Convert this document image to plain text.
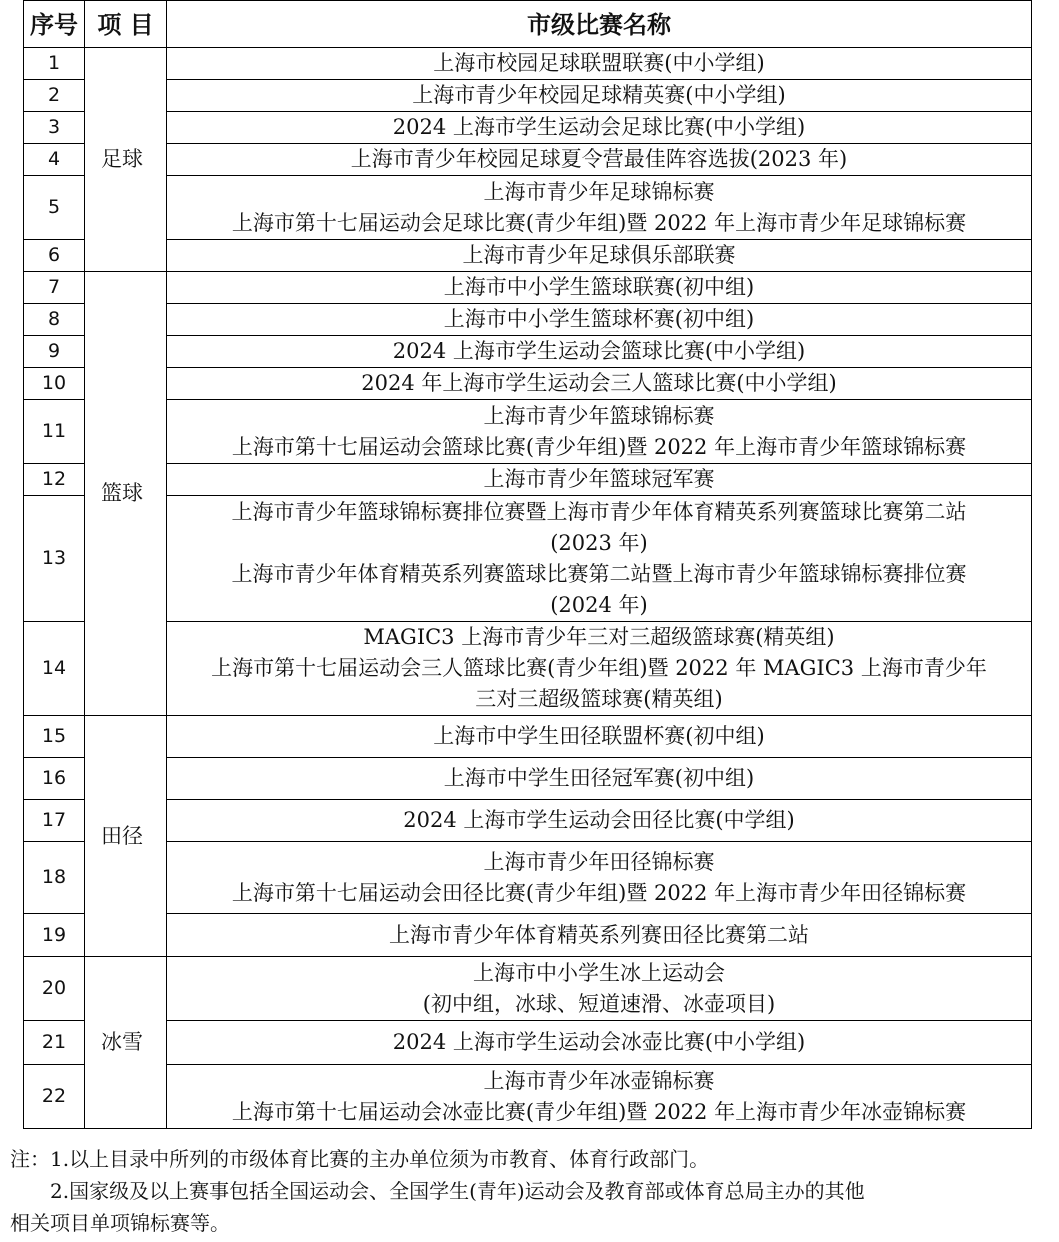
序号	项 目	市级比赛名称
1	足球	上海市校园足球联盟联赛(中小学组)

2		上海市青少年校园足球精英赛(中小学组)

3		2024 上海市学生运动会足球比赛(中小学组)

4		上海市青少年校园足球夏令营最佳阵容选拔(2023 年)

5		上海市青少年足球锦标赛
上海市第十七届运动会足球比赛(青少年组)暨 2022 年上海市青少年足球锦标赛

6		上海市青少年足球俱乐部联赛

7	篮球	上海市中小学生篮球联赛(初中组)

8		上海市中小学生篮球杯赛(初中组)

9		2024 上海市学生运动会篮球比赛(中小学组)

10		2024 年上海市学生运动会三人篮球比赛(中小学组)

11		上海市青少年篮球锦标赛
上海市第十七届运动会篮球比赛(青少年组)暨 2022 年上海市青少年篮球锦标赛

12		上海市青少年篮球冠军赛

13		上海市青少年篮球锦标赛排位赛暨上海市青少年体育精英系列赛篮球比赛第二站
(2023 年)
上海市青少年体育精英系列赛篮球比赛第二站暨上海市青少年篮球锦标赛排位赛
(2024 年)

14		MAGIC3 上海市青少年三对三超级篮球赛(精英组)
上海市第十七届运动会三人篮球比赛(青少年组)暨 2022 年 MAGIC3 上海市青少年
三对三超级篮球赛(精英组)

15	田径	上海市中学生田径联盟杯赛(初中组)

16		上海市中学生田径冠军赛(初中组)

17		2024 上海市学生运动会田径比赛(中学组)

18		上海市青少年田径锦标赛
上海市第十七届运动会田径比赛(青少年组)暨 2022 年上海市青少年田径锦标赛

19		上海市青少年体育精英系列赛田径比赛第二站

20	冰雪	上海市中小学生冰上运动会
(初中组，冰球、短道速滑、冰壶项目)

21		2024 上海市学生运动会冰壶比赛(中小学组)

22		上海市青少年冰壶锦标赛
上海市第十七届运动会冰壶比赛(青少年组)暨 2022 年上海市青少年冰壶锦标赛
注：1.以上目录中所列的市级体育比赛的主办单位须为市教育、体育行政部门。
2.国家级及以上赛事包括全国运动会、全国学生(青年)运动会及教育部或体育总局主办的其他
相关项目单项锦标赛等。
